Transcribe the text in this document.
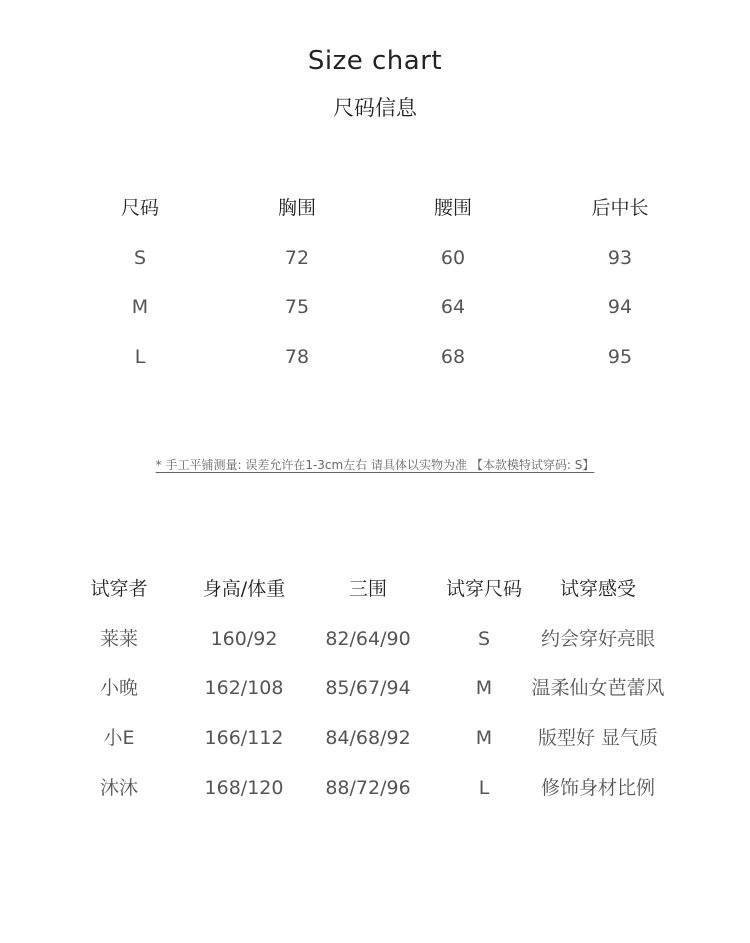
Size chart
尺码信息
尺码	胸围	腰围	后中长
S	72	60	93
M	75	64	94
L	78	68	95
* 手工平铺测量: 误差允许在1-3cm左右 请具体以实物为准 【本款模特试穿码: S】
试穿者	身高/体重	三围	试穿尺码	试穿感受
莱莱	160/92	82/64/90	S	约会穿好亮眼
小晚	162/108	85/67/94	M	温柔仙女芭蕾风
小E	166/112	84/68/92	M	版型好 显气质
沐沐	168/120	88/72/96	L	修饰身材比例
